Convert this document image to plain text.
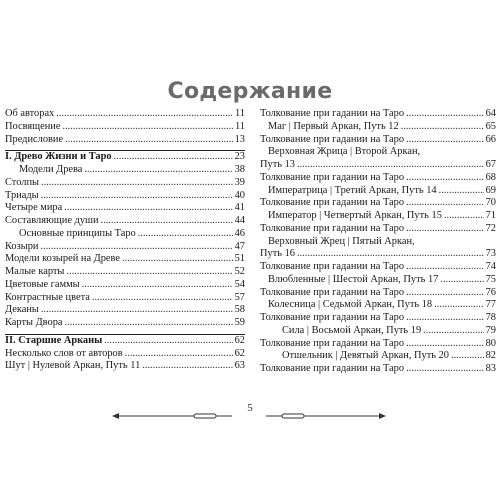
Содержание
Об авторах .....	11
Посвящение .....	11
Предисловие .....	13
I. Древо Жизни и Таро .....	23
Модели Древа .....	38
Столпы .....	39
Триады .....	40
Четыре мира .....	41
Составляющие души .....	44
Основные принципы Таро .....	46
Козыри .....	47
Модели козырей на Древе .....	51
Малые карты .....	52
Цветовые гаммы .....	54
Контрастные цвета .....	57
Деканы .....	58
Карты Двора .....	59
II. Старшие Арканы .....	62
Несколько слов от авторов .....	62
Шут | Нулевой Аркан, Путь 11 .....	63
Толкование при гадании на Таро .....	64
Маг | Первый Аркан, Путь 12 .....	65
Толкование при гадании на Таро .....	66
Верховная Жрица | Второй Аркан,
Путь 13 .....	67
Толкование при гадании на Таро .....	68
Императрица | Третий Аркан, Путь 14 .....	69
Толкование при гадании на Таро .....	70
Император | Четвертый Аркан, Путь 15 .....	71
Толкование при гадании на Таро .....	72
Верховный Жрец | Пятый Аркан,
Путь 16 .....	73
Толкование при гадании на Таро .....	74
Влюбленные | Шестой Аркан, Путь 17 .....	75
Толкование при гадании на Таро .....	76
Колесница | Седьмой Аркан, Путь 18 .....	77
Толкование при гадании на Таро .....	78
Сила | Восьмой Аркан, Путь 19 .....	79
Толкование при гадании на Таро .....	80
Отшельник | Девятый Аркан, Путь 20 .....	82
Толкование при гадании на Таро .....	83
5
